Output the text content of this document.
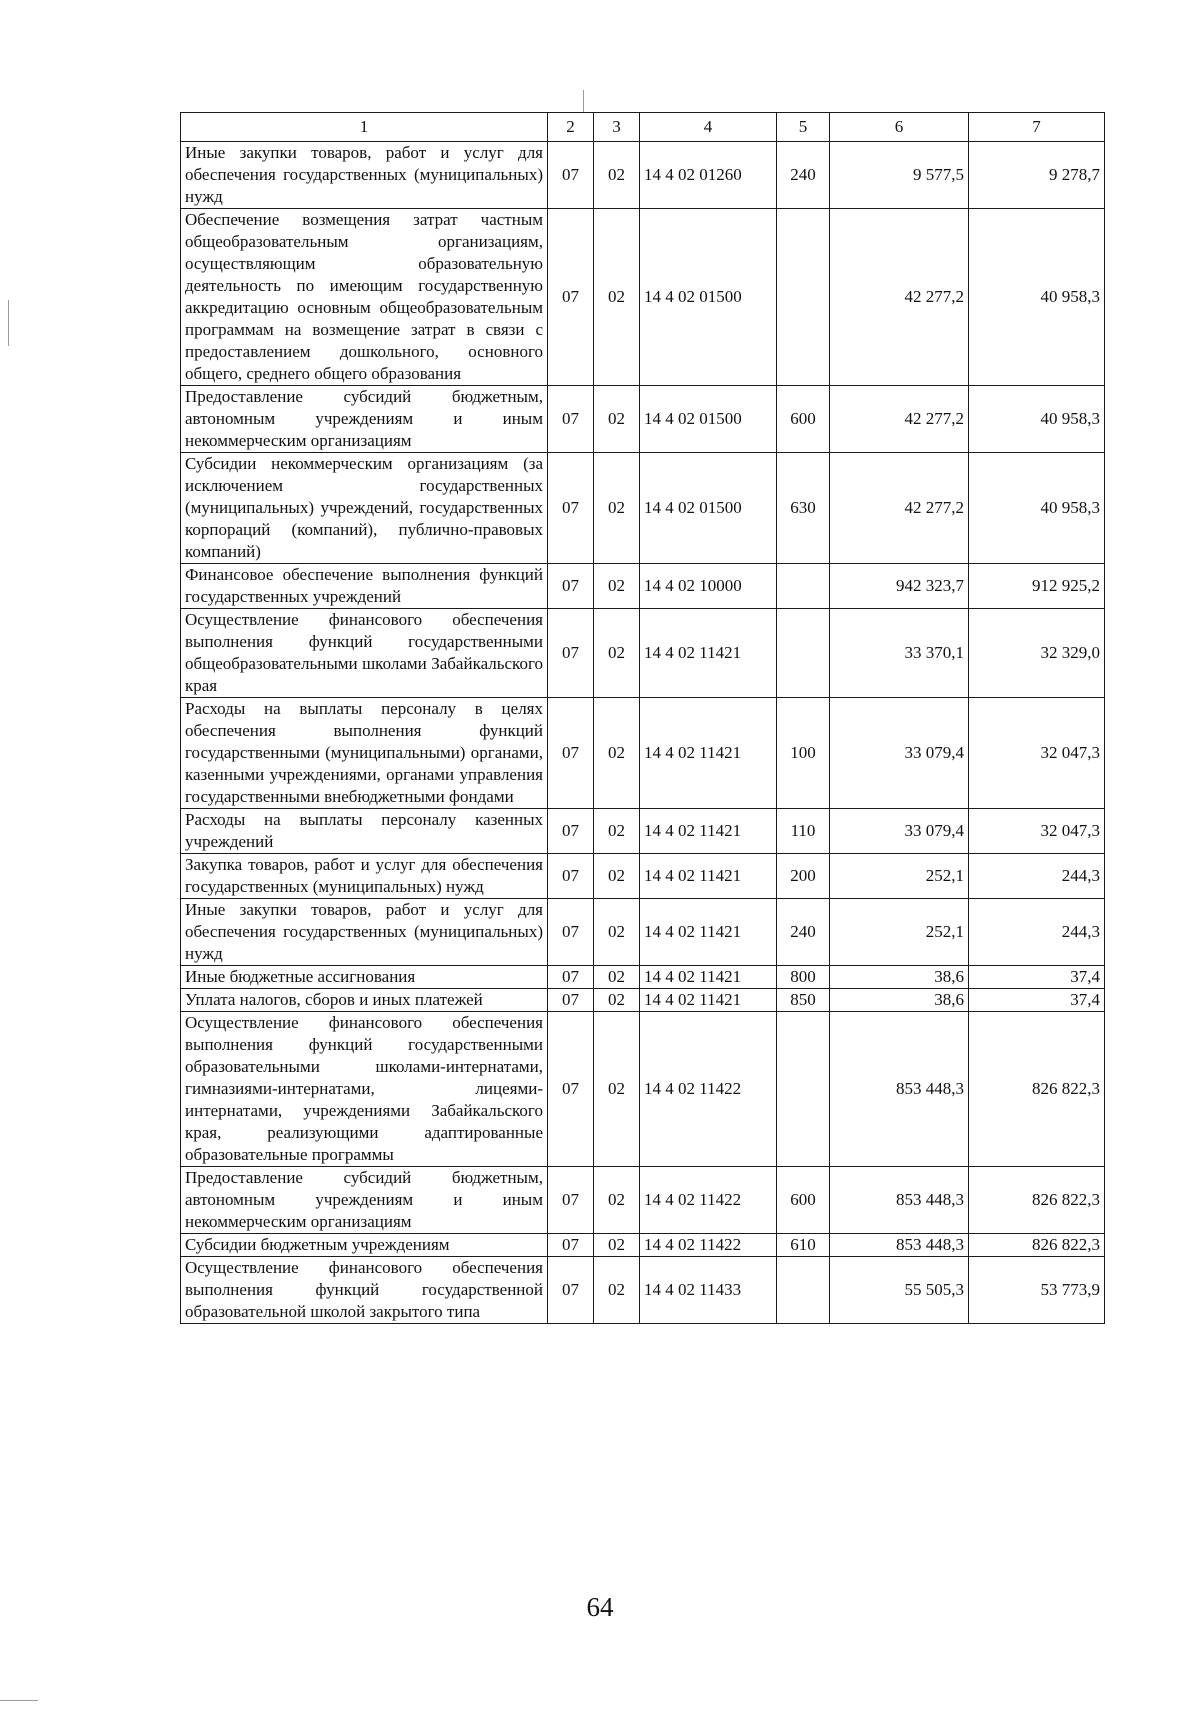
1	2	3	4	5	6	7
Иные закупки товаров, работ и услуг для обеспечения государственных (муниципальных) нужд	07	02	14 4 02 01260	240	9 577,5	9 278,7
Обеспечение возмещения затрат частным общеобразовательным организациям, осуществляющим образовательную деятельность по имеющим государственную аккредитацию основным общеобразовательным программам на возмещение затрат в связи с предоставлением дошкольного, основного общего, среднего общего образования	07	02	14 4 02 01500		42 277,2	40 958,3
Предоставление субсидий бюджетным, автономным учреждениям и иным некоммерческим организациям	07	02	14 4 02 01500	600	42 277,2	40 958,3
Субсидии некоммерческим организациям (за исключением государственных (муниципальных) учреждений, государственных корпораций (компаний), публично-правовых компаний)	07	02	14 4 02 01500	630	42 277,2	40 958,3
Финансовое обеспечение выполнения функций государственных учреждений	07	02	14 4 02 10000		942 323,7	912 925,2
Осуществление финансового обеспечения выполнения функций государственными общеобразовательными школами Забайкальского края	07	02	14 4 02 11421		33 370,1	32 329,0
Расходы на выплаты персоналу в целях обеспечения выполнения функций государственными (муниципальными) органами, казенными учреждениями, органами управления государственными внебюджетными фондами	07	02	14 4 02 11421	100	33 079,4	32 047,3
Расходы на выплаты персоналу казенных учреждений	07	02	14 4 02 11421	110	33 079,4	32 047,3
Закупка товаров, работ и услуг для обеспечения государственных (муниципальных) нужд	07	02	14 4 02 11421	200	252,1	244,3
Иные закупки товаров, работ и услуг для обеспечения государственных (муниципальных) нужд	07	02	14 4 02 11421	240	252,1	244,3
Иные бюджетные ассигнования	07	02	14 4 02 11421	800	38,6	37,4
Уплата налогов, сборов и иных платежей	07	02	14 4 02 11421	850	38,6	37,4
Осуществление финансового обеспечения выполнения функций государственными образовательными школами-интернатами, гимназиями-интернатами, лицеями-интернатами, учреждениями Забайкальского края, реализующими адаптированные образовательные программы	07	02	14 4 02 11422		853 448,3	826 822,3
Предоставление субсидий бюджетным, автономным учреждениям и иным некоммерческим организациям	07	02	14 4 02 11422	600	853 448,3	826 822,3
Субсидии бюджетным учреждениям	07	02	14 4 02 11422	610	853 448,3	826 822,3
Осуществление финансового обеспечения выполнения функций государственной образовательной школой закрытого типа	07	02	14 4 02 11433		55 505,3	53 773,9
64
